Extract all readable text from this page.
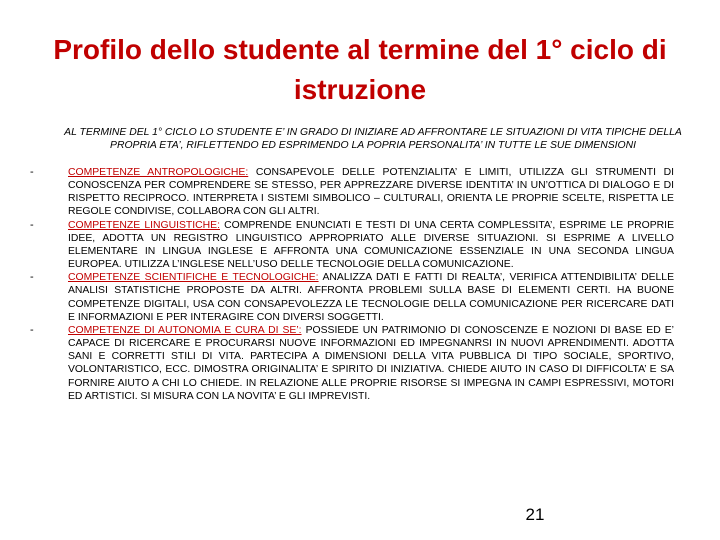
Profilo dello studente al termine del 1° ciclo di istruzione
AL TERMINE DEL 1° CICLO LO STUDENTE E’ IN GRADO DI INIZIARE AD AFFRONTARE LE SITUAZIONI DI VITA TIPICHE DELLA PROPRIA ETA’, RIFLETTENDO ED ESPRIMENDO LA POPRIA PERSONALITA’ IN TUTTE LE SUE DIMENSIONI
-	COMPETENZE ANTROPOLOGICHE: CONSAPEVOLE DELLE POTENZIALITA’ E LIMITI, UTILIZZA GLI STRUMENTI DI CONOSCENZA PER COMPRENDERE SE STESSO, PER APPREZZARE DIVERSE IDENTITA’ IN UN’OTTICA DI DIALOGO E DI RISPETTO RECIPROCO. INTERPRETA I SISTEMI SIMBOLICO – CULTURALI, ORIENTA LE PROPRIE SCELTE, RISPETTA LE REGOLE CONDIVISE, COLLABORA CON GLI ALTRI.
-	COMPETENZE LINGUISTICHE: COMPRENDE ENUNCIATI E TESTI DI UNA CERTA COMPLESSITA’, ESPRIME LE PROPRIE IDEE, ADOTTA UN REGISTRO LINGUISTICO APPROPRIATO ALLE DIVERSE SITUAZIONI. SI ESPRIME A LIVELLO ELEMENTARE IN LINGUA INGLESE E AFFRONTA UNA COMUNICAZIONE ESSENZIALE IN UNA SECONDA LINGUA EUROPEA. UTILIZZA L’INGLESE NELL’USO DELLE TECNOLOGIE DELLA COMUNICAZIONE.
-	COMPETENZE SCIENTIFICHE E TECNOLOGICHE: ANALIZZA DATI E FATTI DI REALTA’, VERIFICA ATTENDIBILITA’ DELLE ANALISI STATISTICHE PROPOSTE DA ALTRI. AFFRONTA PROBLEMI SULLA BASE DI ELEMENTI CERTI. HA BUONE COMPETENZE DIGITALI, USA CON CONSAPEVOLEZZA LE TECNOLOGIE DELLA COMUNICAZIONE PER RICERCARE DATI E INFORMAZIONI E PER INTERAGIRE CON DIVERSI SOGGETTI.
-	COMPETENZE DI AUTONOMIA E CURA DI SE’: POSSIEDE UN PATRIMONIO DI CONOSCENZE E NOZIONI DI BASE ED E’ CAPACE DI RICERCARE E PROCURARSI NUOVE INFORMAZIONI ED IMPEGNANRSI IN NUOVI APRENDIMENTI. ADOTTA SANI E CORRETTI STILI DI VITA. PARTECIPA A DIMENSIONI DELLA VITA PUBBLICA DI TIPO SOCIALE, SPORTIVO, VOLONTARISTICO, ECC. DIMOSTRA ORIGINALITA’ E SPIRITO DI INIZIATIVA. CHIEDE AIUTO IN CASO DI DIFFICOLTA’ E SA FORNIRE AIUTO A CHI LO CHIEDE. IN RELAZIONE ALLE PROPRIE RISORSE SI IMPEGNA IN CAMPI ESPRESSIVI, MOTORI ED ARTISTICI. SI MISURA CON LA NOVITA’ E GLI IMPREVISTI.
21
